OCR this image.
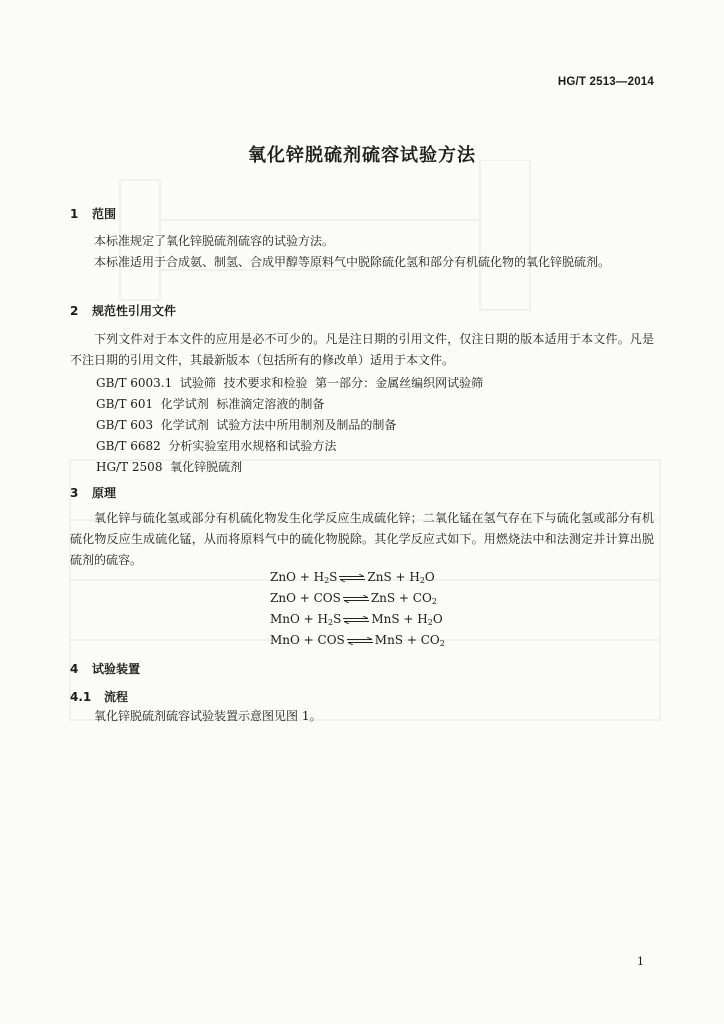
HG/T 2513—2014
氧化锌脱硫剂硫容试验方法
1 范围
本标准规定了氧化锌脱硫剂硫容的试验方法。
本标准适用于合成氨、制氢、合成甲醇等原料气中脱除硫化氢和部分有机硫化物的氧化锌脱硫剂。
2 规范性引用文件
下列文件对于本文件的应用是必不可少的。凡是注日期的引用文件，仅注日期的版本适用于本文件。凡是不注日期的引用文件，其最新版本（包括所有的修改单）适用于本文件。
GB/T 6003.1  试验筛  技术要求和检验  第一部分：金属丝编织网试验筛
GB/T 601  化学试剂  标准滴定溶液的制备
GB/T 603  化学试剂  试验方法中所用制剂及制品的制备
GB/T 6682  分析实验室用水规格和试验方法
HG/T 2508  氧化锌脱硫剂
3 原理
氧化锌与硫化氢或部分有机硫化物发生化学反应生成硫化锌；二氧化锰在氢气存在下与硫化氢或部分有机硫化物反应生成硫化锰，从而将原料气中的硫化物脱除。其化学反应式如下。用燃烧法中和法测定并计算出脱硫剂的硫容。
ZnO + $H_2S\rightleftharpoons ZnS + H_2O$
ZnO + COS⇌ZnS + $CO_2$
MnO + $H_2S\rightleftharpoons MnS + H_2O$
MnO + COS⇌MnS + $CO_2$
4 试验装置
4.1 流程
氧化锌脱硫剂硫容试验装置示意图见图 1。
1
